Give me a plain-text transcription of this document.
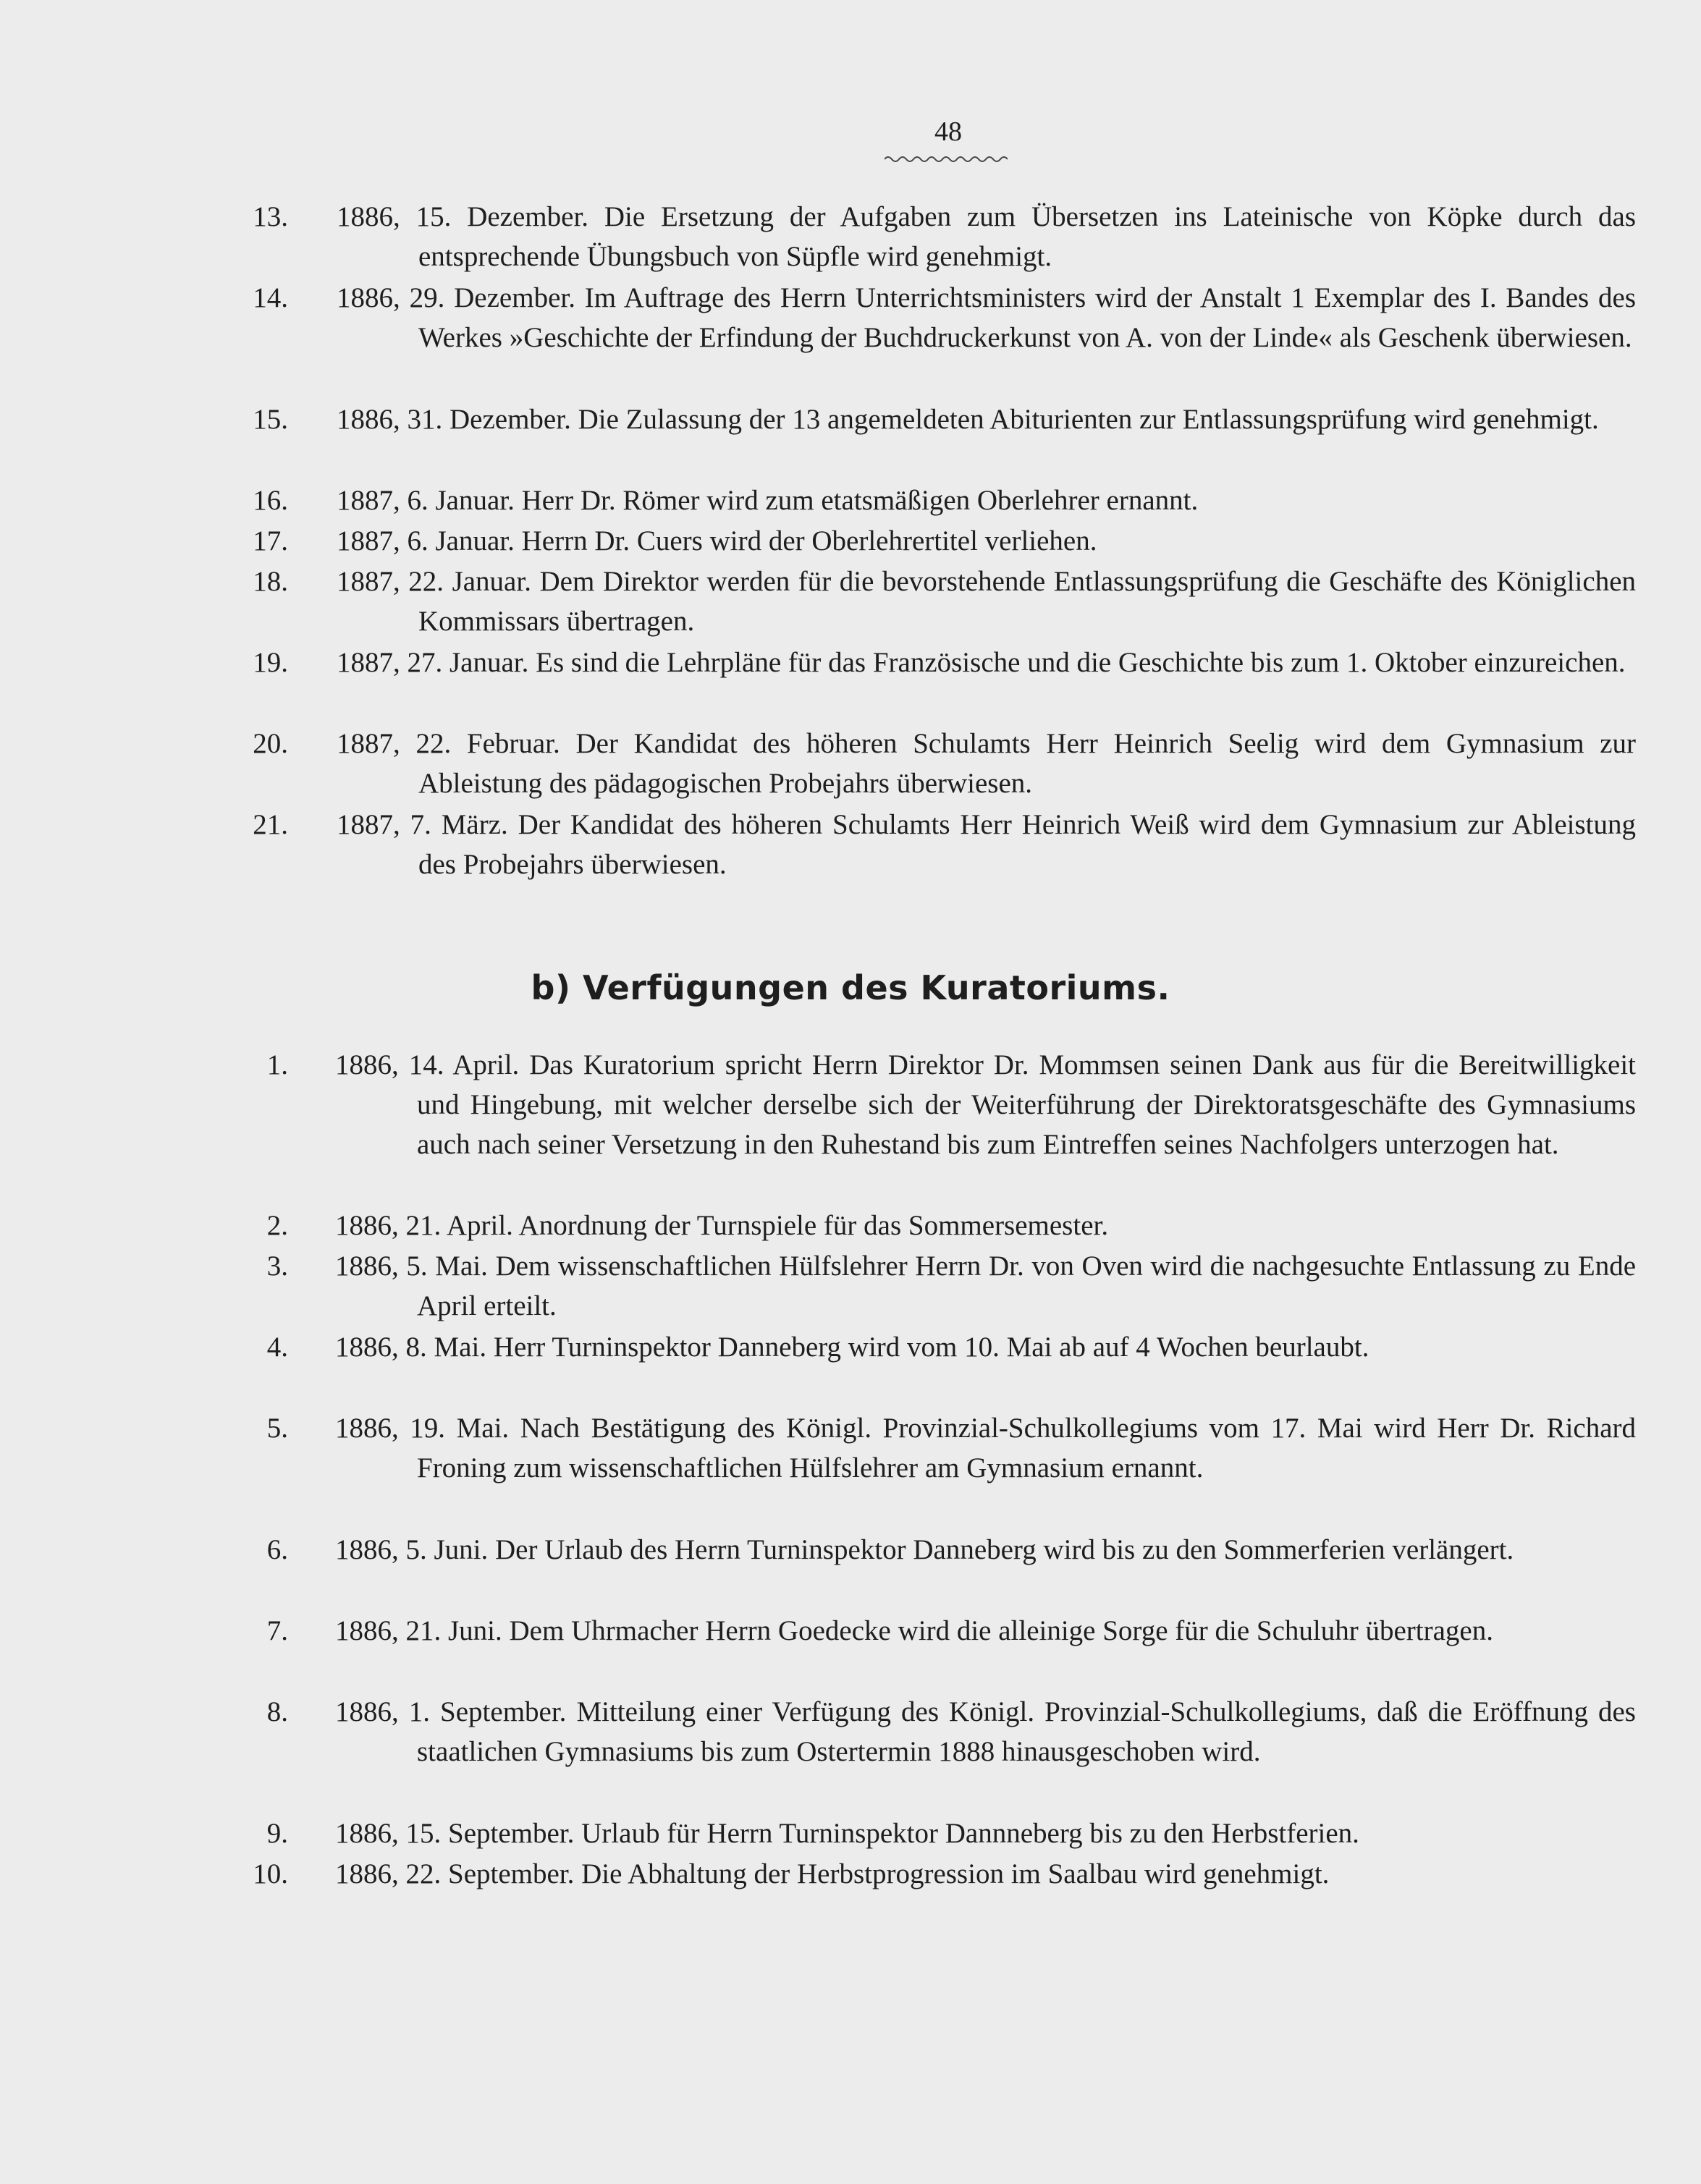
48
13. 1886, 15. Dezember. Die Ersetzung der Aufgaben zum Übersetzen ins Lateinische von Köpke durch das entsprechende Übungsbuch von Süpfle wird genehmigt.
14. 1886, 29. Dezember. Im Auftrage des Herrn Unterrichtsministers wird der Anstalt 1 Exemplar des I. Bandes des Werkes »Geschichte der Erfindung der Buchdruckerkunst von A. von der Linde« als Geschenk überwiesen.
15. 1886, 31. Dezember. Die Zulassung der 13 angemeldeten Abiturienten zur Entlassungsprüfung wird genehmigt.
16. 1887, 6. Januar. Herr Dr. Römer wird zum etatsmäßigen Oberlehrer ernannt.
17. 1887, 6. Januar. Herrn Dr. Cuers wird der Oberlehrertitel verliehen.
18. 1887, 22. Januar. Dem Direktor werden für die bevorstehende Entlassungsprüfung die Geschäfte des Königlichen Kommissars übertragen.
19. 1887, 27. Januar. Es sind die Lehrpläne für das Französische und die Geschichte bis zum 1. Oktober einzureichen.
20. 1887, 22. Februar. Der Kandidat des höheren Schulamts Herr Heinrich Seelig wird dem Gymnasium zur Ableistung des pädagogischen Probejahrs überwiesen.
21. 1887, 7. März. Der Kandidat des höheren Schulamts Herr Heinrich Weiß wird dem Gymnasium zur Ableistung des Probejahrs überwiesen.
b) Verfügungen des Kuratoriums.
1. 1886, 14. April. Das Kuratorium spricht Herrn Direktor Dr. Mommsen seinen Dank aus für die Bereitwilligkeit und Hingebung, mit welcher derselbe sich der Weiterführung der Direktoratsgeschäfte des Gymnasiums auch nach seiner Versetzung in den Ruhestand bis zum Eintreffen seines Nachfolgers unterzogen hat.
2. 1886, 21. April. Anordnung der Turnspiele für das Sommersemester.
3. 1886, 5. Mai. Dem wissenschaftlichen Hülfslehrer Herrn Dr. von Oven wird die nachgesuchte Entlassung zu Ende April erteilt.
4. 1886, 8. Mai. Herr Turninspektor Danneberg wird vom 10. Mai ab auf 4 Wochen beurlaubt.
5. 1886, 19. Mai. Nach Bestätigung des Königl. Provinzial-Schulkollegiums vom 17. Mai wird Herr Dr. Richard Froning zum wissenschaftlichen Hülfslehrer am Gymnasium ernannt.
6. 1886, 5. Juni. Der Urlaub des Herrn Turninspektor Danneberg wird bis zu den Sommerferien verlängert.
7. 1886, 21. Juni. Dem Uhrmacher Herrn Goedecke wird die alleinige Sorge für die Schuluhr übertragen.
8. 1886, 1. September. Mitteilung einer Verfügung des Königl. Provinzial-Schulkollegiums, daß die Eröffnung des staatlichen Gymnasiums bis zum Ostertermin 1888 hinausgeschoben wird.
9. 1886, 15. September. Urlaub für Herrn Turninspektor Dannneberg bis zu den Herbstferien.
10. 1886, 22. September. Die Abhaltung der Herbstprogression im Saalbau wird genehmigt.
